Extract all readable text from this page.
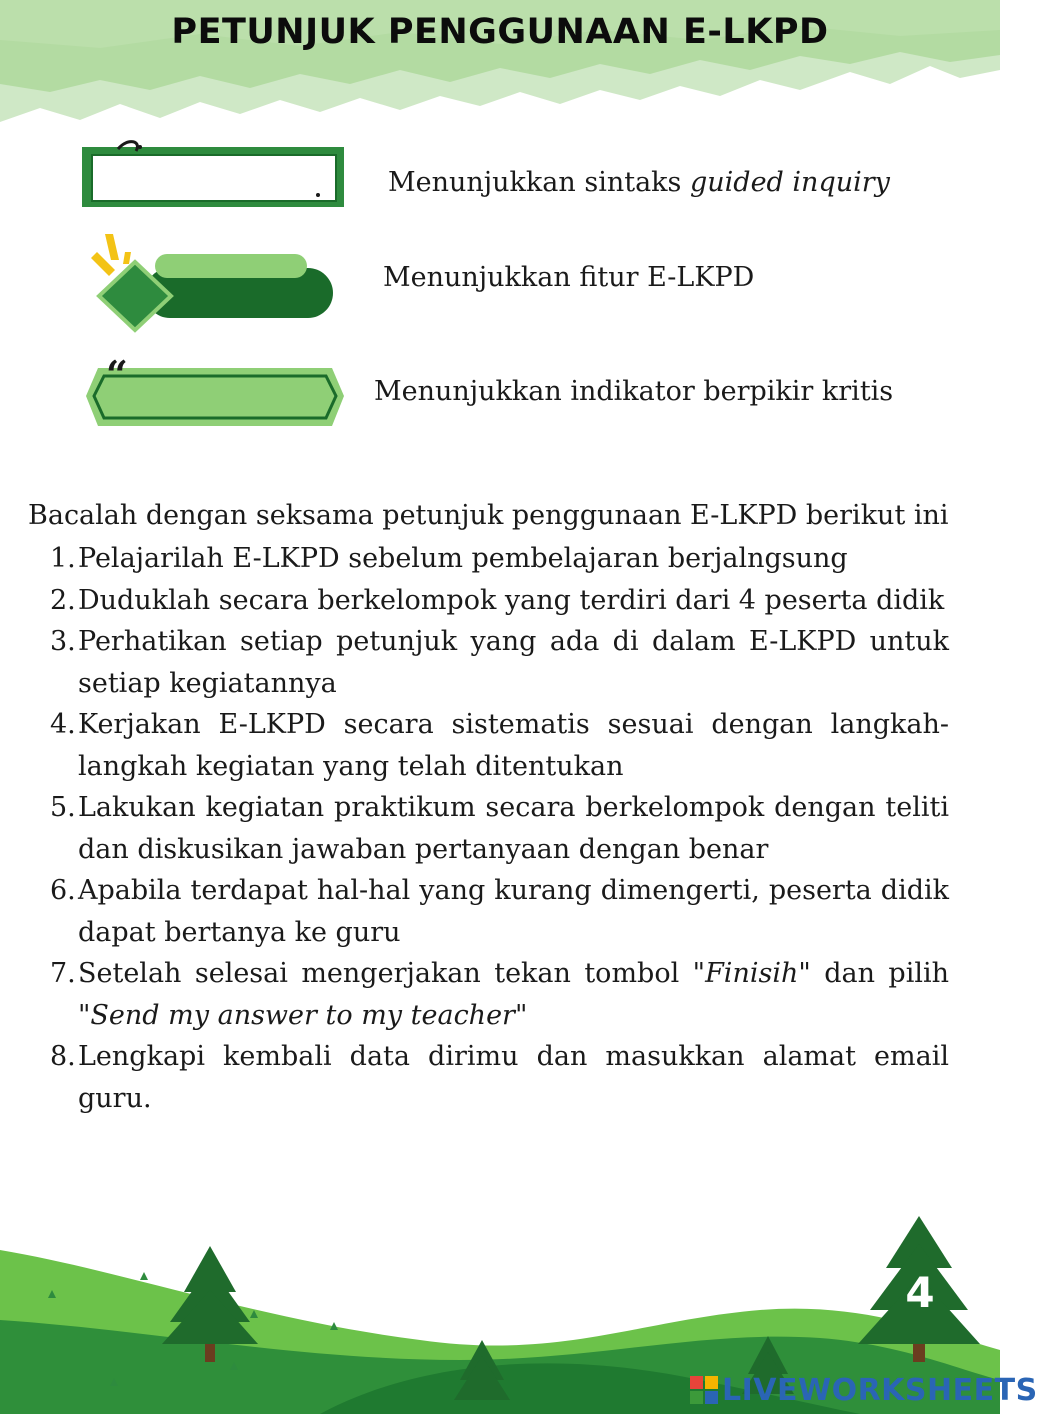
PETUNJUK PENGGUNAAN E-LKPD
Menunjukkan sintaks guided inquiry
Menunjukkan fitur E-LKPD
“	Menunjukkan indikator berpikir kritis
Bacalah dengan seksama petunjuk penggunaan E-LKPD berikut ini
1. Pelajarilah E-LKPD sebelum pembelajaran berjalngsung
2. Duduklah secara berkelompok yang terdiri dari 4 peserta didik
3. Perhatikan setiap petunjuk yang ada di dalam E-LKPD untuk setiap kegiatannya
4. Kerjakan E-LKPD secara sistematis sesuai dengan langkah-langkah kegiatan yang telah ditentukan
5. Lakukan kegiatan praktikum secara berkelompok dengan teliti dan diskusikan jawaban pertanyaan dengan benar
6. Apabila terdapat hal-hal yang kurang dimengerti, peserta didik dapat bertanya ke guru
7. Setelah selesai mengerjakan tekan tombol "Finisih" dan pilih "Send my answer to my teacher"
8. Lengkapi kembali data dirimu dan masukkan alamat email guru.
4
LIVEWORKSHEETS
